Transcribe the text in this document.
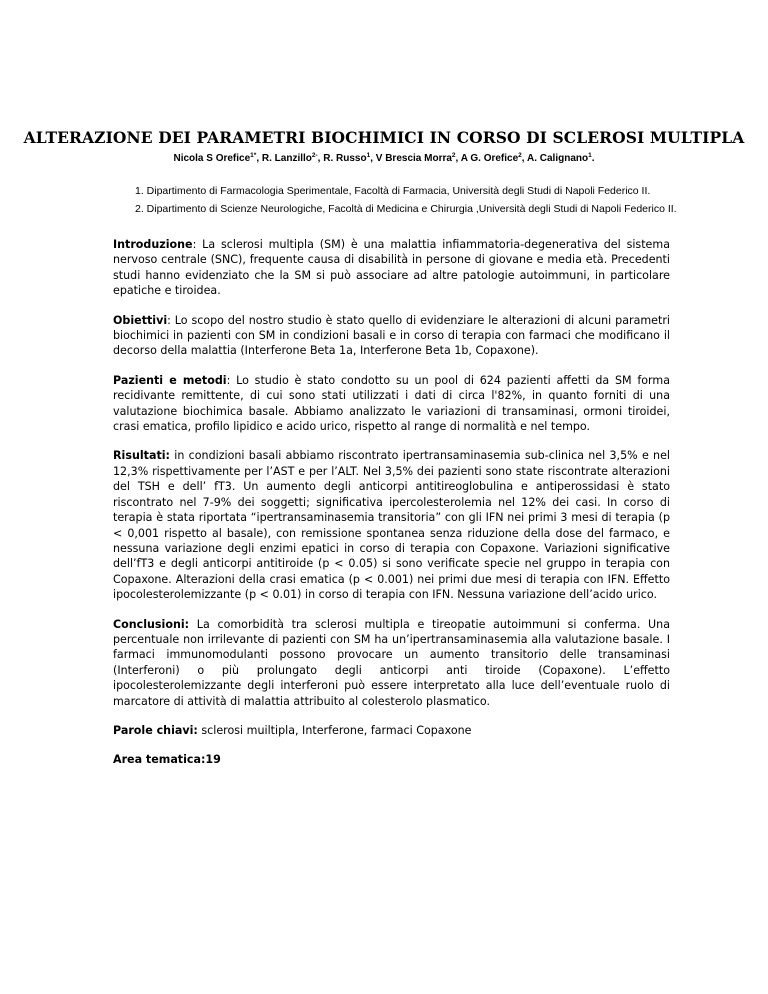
ALTERAZIONE DEI PARAMETRI BIOCHIMICI IN CORSO DI SCLEROSI MULTIPLA
Nicola S Orefice$^{1*}$, R. Lanzillo$^{2-}$, R. Russo$^1$, V Brescia Morra$^2$, A G. Orefice$^2$, A. Calignano$^1$.
1. Dipartimento di Farmacologia Sperimentale, Facoltà di Farmacia, Università degli Studi di Napoli Federico II.
2. Dipartimento di Scienze Neurologiche, Facoltà di Medicina e Chirurgia ,Università degli Studi di Napoli Federico II.

Introduzione: La sclerosi multipla (SM) è una malattia infiammatoria-degenerativa del sistema nervoso centrale (SNC), frequente causa di disabilità in persone di giovane e media età. Precedenti studi hanno evidenziato che la SM si può associare ad altre patologie autoimmuni, in particolare epatiche e tiroidea.

Obiettivi: Lo scopo del nostro studio è stato quello di evidenziare le alterazioni di alcuni parametri biochimici in pazienti con SM in condizioni basali e in corso di terapia con farmaci che modificano il decorso della malattia (Interferone Beta 1a, Interferone Beta 1b, Copaxone).

Pazienti e metodi: Lo studio è stato condotto su un pool di 624 pazienti affetti da SM forma recidivante remittente, di cui sono stati utilizzati i dati di circa l'82%, in quanto forniti di una valutazione biochimica basale. Abbiamo analizzato le variazioni di transaminasi, ormoni tiroidei, crasi ematica, profilo lipidico e acido urico, rispetto al range di normalità e nel tempo.

Risultati: in condizioni basali abbiamo riscontrato ipertransaminasemia sub-clinica nel 3,5% e nel 12,3% rispettivamente per l’AST e per l’ALT. Nel 3,5% dei pazienti sono state riscontrate alterazioni del TSH e dell’ fT3. Un aumento degli anticorpi antitireoglobulina e antiperossidasi è stato riscontrato nel 7-9% dei soggetti; significativa ipercolesterolemia nel 12% dei casi. In corso di terapia è stata riportata “ipertransaminasemia transitoria” con gli IFN nei primi 3 mesi di terapia (p < 0,001 rispetto al basale), con remissione spontanea senza riduzione della dose del farmaco, e nessuna variazione degli enzimi epatici in corso di terapia con Copaxone. Variazioni significative dell’fT3 e degli anticorpi antitiroide (p < 0.05) si sono verificate specie nel gruppo in terapia con Copaxone. Alterazioni della crasi ematica (p < 0.001) nei primi due mesi di terapia con IFN. Effetto ipocolesterolemizzante (p < 0.01) in corso di terapia con IFN. Nessuna variazione dell’acido urico.

Conclusioni: La comorbidità tra sclerosi multipla e tireopatie autoimmuni si conferma. Una percentuale non irrilevante di pazienti con SM ha un’ipertransaminasemia alla valutazione basale. I farmaci immunomodulanti possono provocare un aumento transitorio delle transaminasi (Interferoni) o più prolungato degli anticorpi anti tiroide (Copaxone). L’effetto ipocolesterolemizzante degli interferoni può essere interpretato alla luce dell’eventuale ruolo di marcatore di attività di malattia attribuito al colesterolo plasmatico.

Parole chiavi: sclerosi muiltipla, Interferone, farmaci Copaxone

Area tematica:19
